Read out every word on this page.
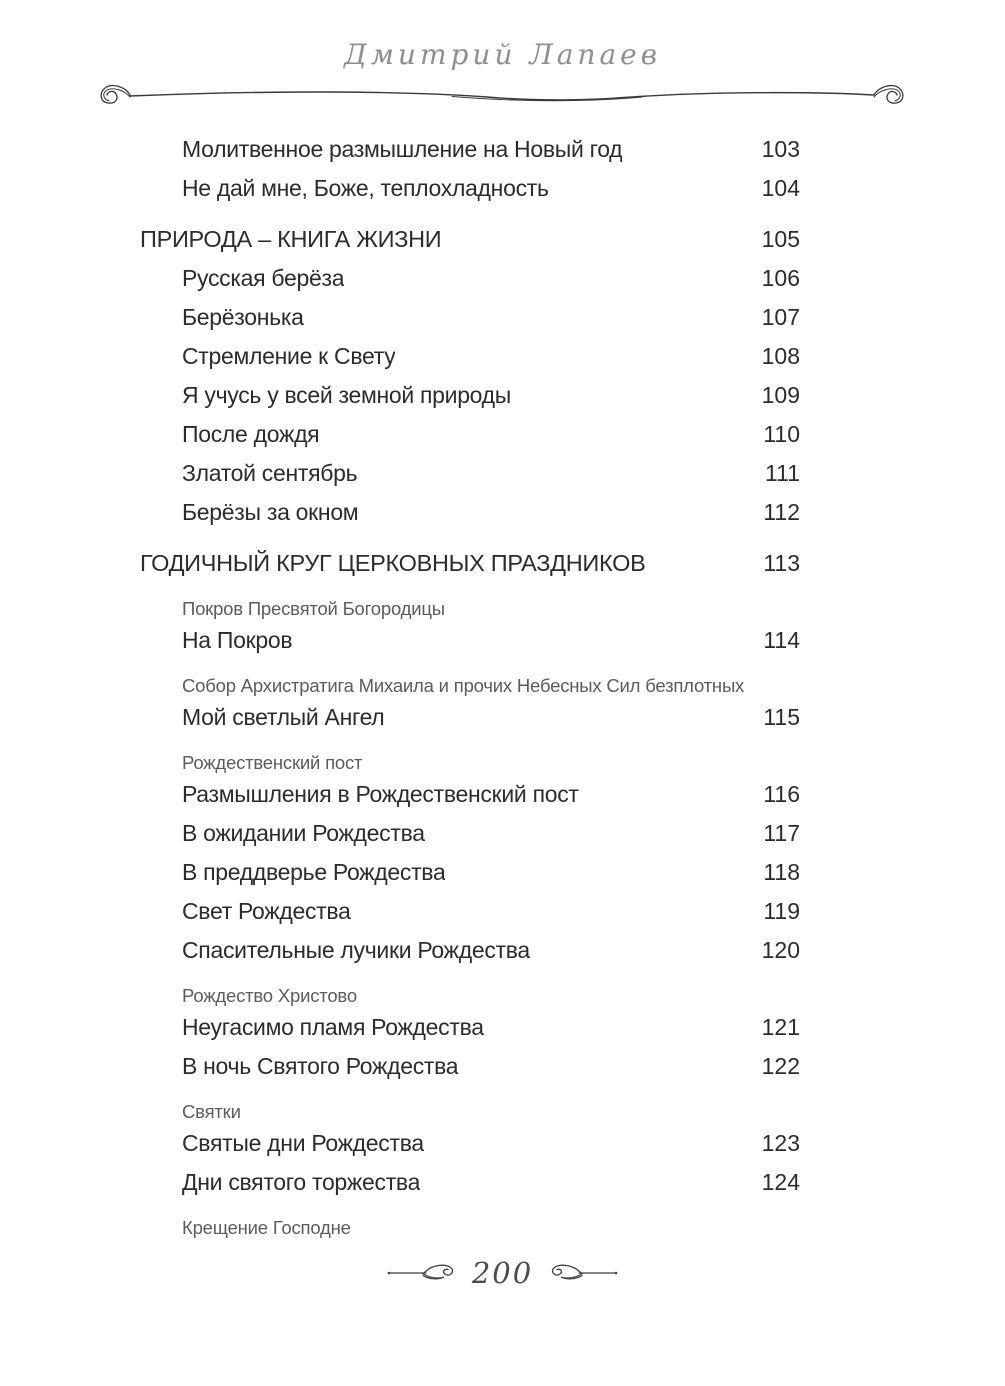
Дмитрий Лапаев
Молитвенное размышление на Новый год	103
Не дай мне, Боже, теплохладность	104
ПРИРОДА – КНИГА ЖИЗНИ	105
Русская берёза	106
Берёзонька	107
Стремление к Свету	108
Я учусь у всей земной природы	109
После дождя	110
Златой сентябрь	111
Берёзы за окном	112
ГОДИЧНЫЙ КРУГ ЦЕРКОВНЫХ ПРАЗДНИКОВ	113
Покров Пресвятой Богородицы
На Покров	114
Собор Архистратига Михаила и прочих Небесных Сил безплотных
Мой светлый Ангел	115
Рождественский пост
Размышления в Рождественский пост	116
В ожидании Рождества	117
В преддверье Рождества	118
Свет Рождества	119
Спасительные лучики Рождества	120
Рождество Христово
Неугасимо пламя Рождества	121
В ночь Святого Рождества	122
Святки
Святые дни Рождества	123
Дни святого торжества	124
Крещение Господне
200
